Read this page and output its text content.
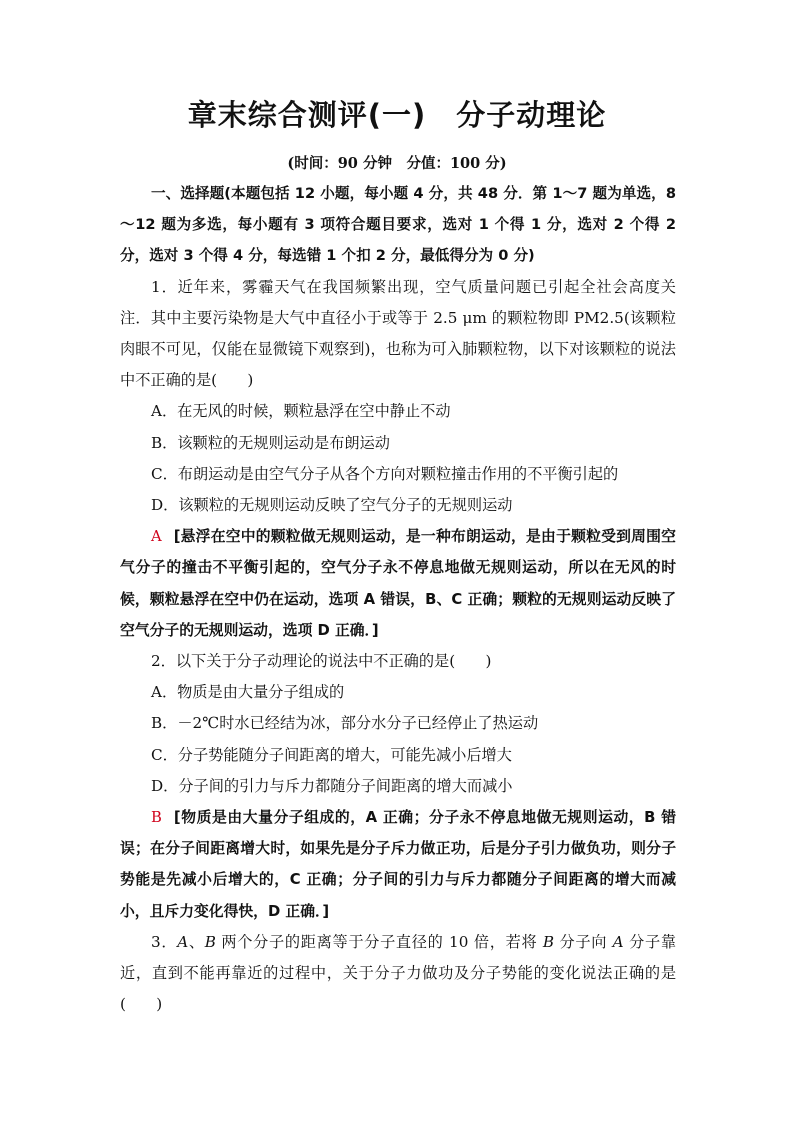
章末综合测评(一)　分子动理论
(时间：90 分钟　分值：100 分)

一、选择题(本题包括 12 小题，每小题 4 分，共 48 分．第 1～7 题为单选，8～12 题为多选，每小题有 3 项符合题目要求，选对 1 个得 1 分，选对 2 个得 2 分，选对 3 个得 4 分，每选错 1 个扣 2 分，最低得分为 0 分)

1．近年来，雾霾天气在我国频繁出现，空气质量问题已引起全社会高度关注．其中主要污染物是大气中直径小于或等于 2.5 μm 的颗粒物即 PM2.5(该颗粒肉眼不可见，仅能在显微镜下观察到)，也称为可入肺颗粒物，以下对该颗粒的说法中不正确的是(　　)

A．在无风的时候，颗粒悬浮在空中静止不动

B．该颗粒的无规则运动是布朗运动

C．布朗运动是由空气分子从各个方向对颗粒撞击作用的不平衡引起的

D．该颗粒的无规则运动反映了空气分子的无规则运动

A [悬浮在空中的颗粒做无规则运动，是一种布朗运动，是由于颗粒受到周围空气分子的撞击不平衡引起的，空气分子永不停息地做无规则运动，所以在无风的时候，颗粒悬浮在空中仍在运动，选项 A 错误，B、C 正确；颗粒的无规则运动反映了空气分子的无规则运动，选项 D 正确．]

2．以下关于分子动理论的说法中不正确的是(　　)

A．物质是由大量分子组成的

B．－2℃时水已经结为冰，部分水分子已经停止了热运动

C．分子势能随分子间距离的增大，可能先减小后增大

D．分子间的引力与斥力都随分子间距离的增大而减小

B [物质是由大量分子组成的，A 正确；分子永不停息地做无规则运动，B 错误；在分子间距离增大时，如果先是分子斥力做正功，后是分子引力做负功，则分子势能是先减小后增大的，C 正确；分子间的引力与斥力都随分子间距离的增大而减小，且斥力变化得快，D 正确．]

3．A、B 两个分子的距离等于分子直径的 10 倍，若将 B 分子向 A 分子靠近，直到不能再靠近的过程中，关于分子力做功及分子势能的变化说法正确的是(　　)
